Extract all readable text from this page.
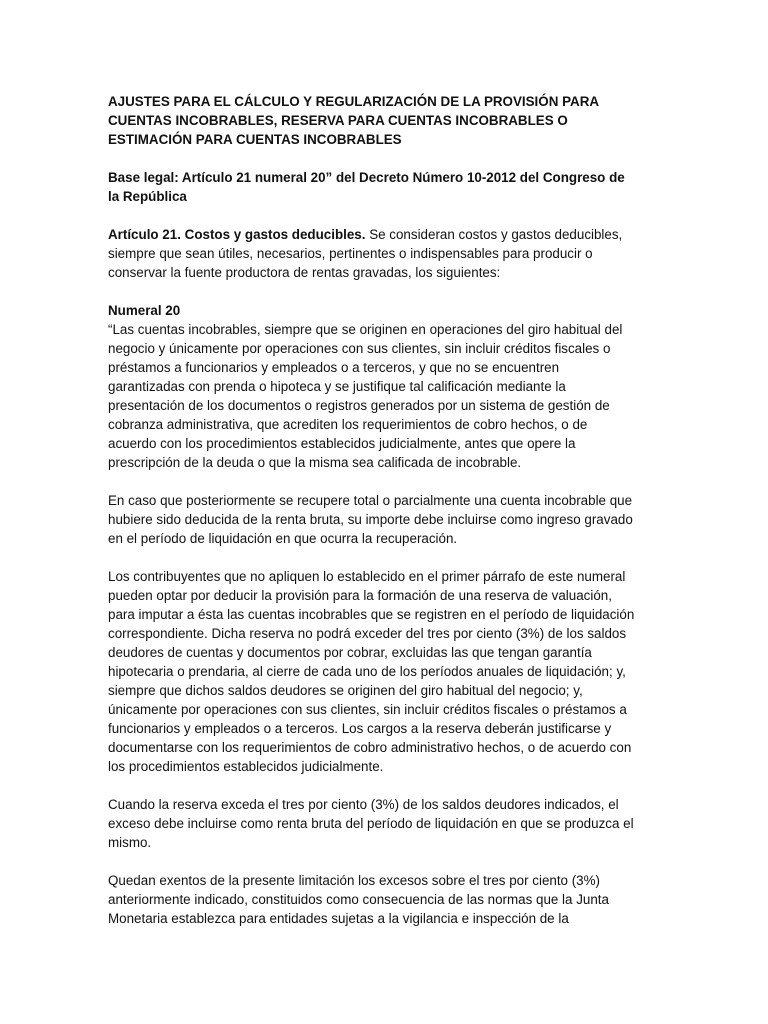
AJUSTES PARA EL CÁLCULO Y REGULARIZACIÓN DE LA PROVISIÓN PARA CUENTAS INCOBRABLES, RESERVA PARA CUENTAS INCOBRABLES O ESTIMACIÓN PARA CUENTAS INCOBRABLES

Base legal: Artículo 21 numeral 20” del Decreto Número 10-2012 del Congreso de la República

Artículo 21. Costos y gastos deducibles. Se consideran costos y gastos deducibles, siempre que sean útiles, necesarios, pertinentes o indispensables para producir o conservar la fuente productora de rentas gravadas, los siguientes:

Numeral 20
“Las cuentas incobrables, siempre que se originen en operaciones del giro habitual del negocio y únicamente por operaciones con sus clientes, sin incluir créditos fiscales o préstamos a funcionarios y empleados o a terceros, y que no se encuentren garantizadas con prenda o hipoteca y se justifique tal calificación mediante la presentación de los documentos o registros generados por un sistema de gestión de cobranza administrativa, que acrediten los requerimientos de cobro hechos, o de acuerdo con los procedimientos establecidos judicialmente, antes que opere la prescripción de la deuda o que la misma sea calificada de incobrable.

En caso que posteriormente se recupere total o parcialmente una cuenta incobrable que hubiere sido deducida de la renta bruta, su importe debe incluirse como ingreso gravado en el período de liquidación en que ocurra la recuperación.

Los contribuyentes que no apliquen lo establecido en el primer párrafo de este numeral pueden optar por deducir la provisión para la formación de una reserva de valuación, para imputar a ésta las cuentas incobrables que se registren en el período de liquidación correspondiente. Dicha reserva no podrá exceder del tres por ciento (3%) de los saldos deudores de cuentas y documentos por cobrar, excluidas las que tengan garantía hipotecaria o prendaria, al cierre de cada uno de los períodos anuales de liquidación; y, siempre que dichos saldos deudores se originen del giro habitual del negocio; y, únicamente por operaciones con sus clientes, sin incluir créditos fiscales o préstamos a funcionarios y empleados o a terceros. Los cargos a la reserva deberán justificarse y documentarse con los requerimientos de cobro administrativo hechos, o de acuerdo con los procedimientos establecidos judicialmente.

Cuando la reserva exceda el tres por ciento (3%) de los saldos deudores indicados, el exceso debe incluirse como renta bruta del período de liquidación en que se produzca el mismo.

Quedan exentos de la presente limitación los excesos sobre el tres por ciento (3%) anteriormente indicado, constituidos como consecuencia de las normas que la Junta Monetaria establezca para entidades sujetas a la vigilancia e inspección de la
